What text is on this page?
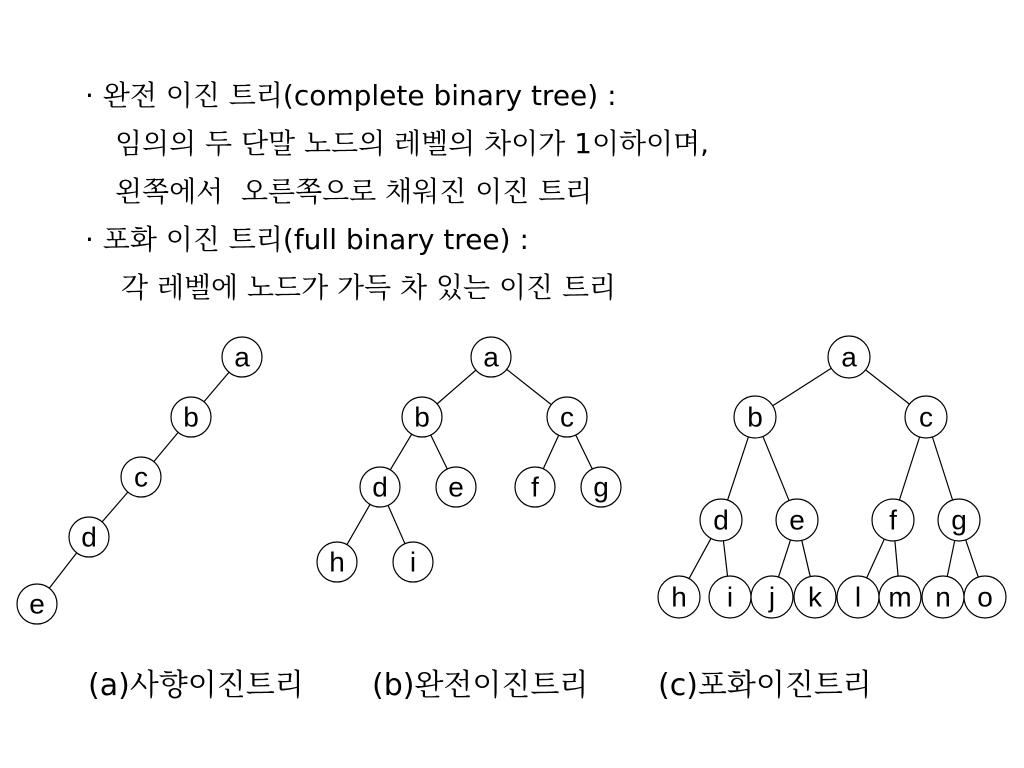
· 완전 이진 트리(complete binary tree) :
임의의 두 단말 노드의 레벨의 차이가 1이하이며,
왼쪽에서  오른쪽으로 채워진 이진 트리
· 포화 이진 트리(full binary tree) :
각 레벨에 노드가 가득 차 있는 이진 트리
a
b
c
d
e
a
b	c
d e f g
h i
a
b	c
d e	f g
h i j k l m n o
(a)사향이진트리 (b)완전이진트리 (c)포화이진트리
